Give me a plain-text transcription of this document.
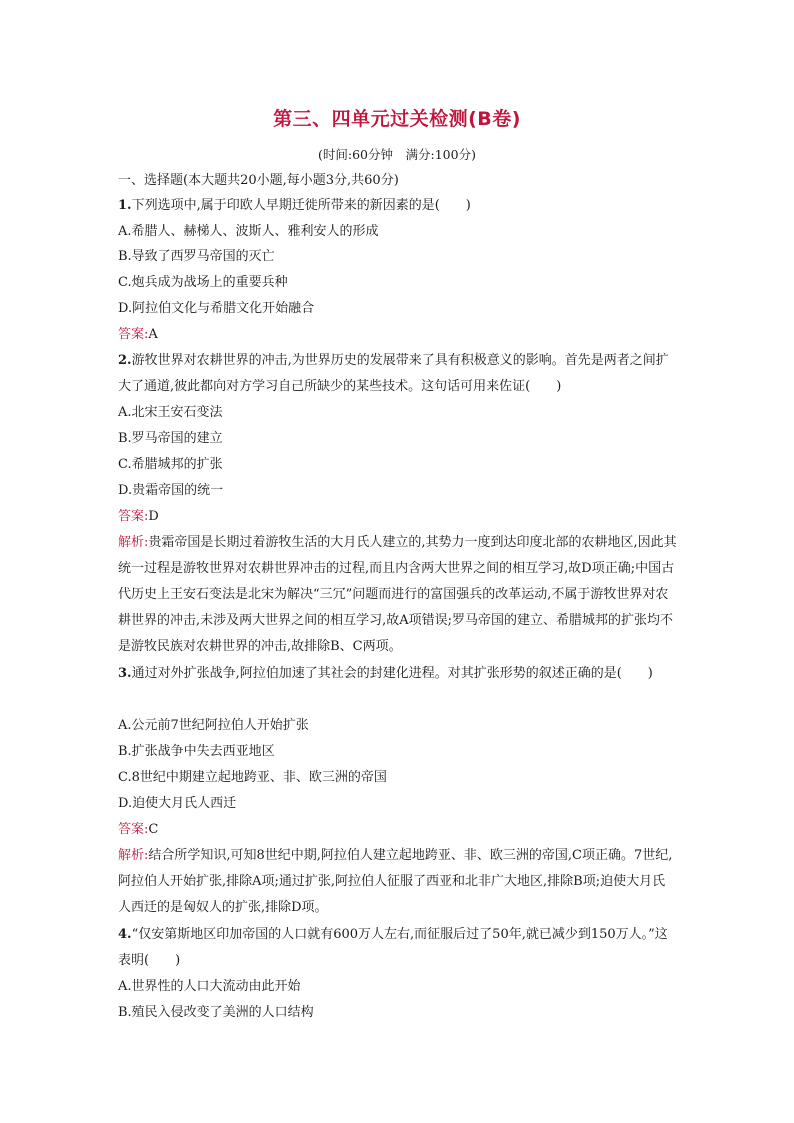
第三、四单元过关检测(B卷)
(时间:60分钟　满分:100分)
一、选择题(本大题共20小题,每小题3分,共60分)
1.下列选项中,属于印欧人早期迁徙所带来的新因素的是(　　)
A.希腊人、赫梯人、波斯人、雅利安人的形成
B.导致了西罗马帝国的灭亡
C.炮兵成为战场上的重要兵种
D.阿拉伯文化与希腊文化开始融合
答案:A
2.游牧世界对农耕世界的冲击,为世界历史的发展带来了具有积极意义的影响。首先是两者之间扩大了通道,彼此都向对方学习自己所缺少的某些技术。这句话可用来佐证(　　)
A.北宋王安石变法
B.罗马帝国的建立
C.希腊城邦的扩张
D.贵霜帝国的统一
答案:D
解析:贵霜帝国是长期过着游牧生活的大月氏人建立的,其势力一度到达印度北部的农耕地区,因此其统一过程是游牧世界对农耕世界冲击的过程,而且内含两大世界之间的相互学习,故D项正确;中国古代历史上王安石变法是北宋为解决“三冗”问题而进行的富国强兵的改革运动,不属于游牧世界对农耕世界的冲击,未涉及两大世界之间的相互学习,故A项错误;罗马帝国的建立、希腊城邦的扩张均不是游牧民族对农耕世界的冲击,故排除B、C两项。
3.通过对外扩张战争,阿拉伯加速了其社会的封建化进程。对其扩张形势的叙述正确的是(　　)
A.公元前7世纪阿拉伯人开始扩张
B.扩张战争中失去西亚地区
C.8世纪中期建立起地跨亚、非、欧三洲的帝国
D.迫使大月氏人西迁
答案:C
解析:结合所学知识,可知8世纪中期,阿拉伯人建立起地跨亚、非、欧三洲的帝国,C项正确。7世纪,阿拉伯人开始扩张,排除A项;通过扩张,阿拉伯人征服了西亚和北非广大地区,排除B项;迫使大月氏人西迁的是匈奴人的扩张,排除D项。
4.“仅安第斯地区印加帝国的人口就有600万人左右,而征服后过了50年,就已减少到150万人。”这表明(　　)
A.世界性的人口大流动由此开始
B.殖民入侵改变了美洲的人口结构
